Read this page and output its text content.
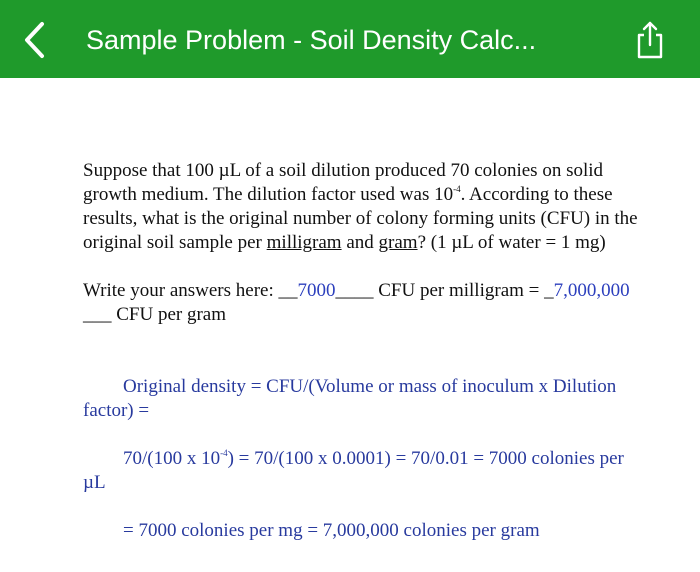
Sample Problem - Soil Density Calc...

Suppose that 100 µL of a soil dilution produced 70 colonies on solid growth medium. The dilution factor used was $10^{-4}$. According to these results, what is the original number of colony forming units (CFU) in the original soil sample per milligram and gram? (1 µL of water = 1 mg)

Write your answers here: __7000____ CFU per milligram = _7,000,000 ___ CFU per gram

Original density = CFU/(Volume or mass of inoculum x Dilution factor) =

70/(100 x $10^{-4}) = 70/(100$ x 0.0001) = 70/0.01 = 7000 colonies per µL

= 7000 colonies per mg = 7,000,000 colonies per gram
